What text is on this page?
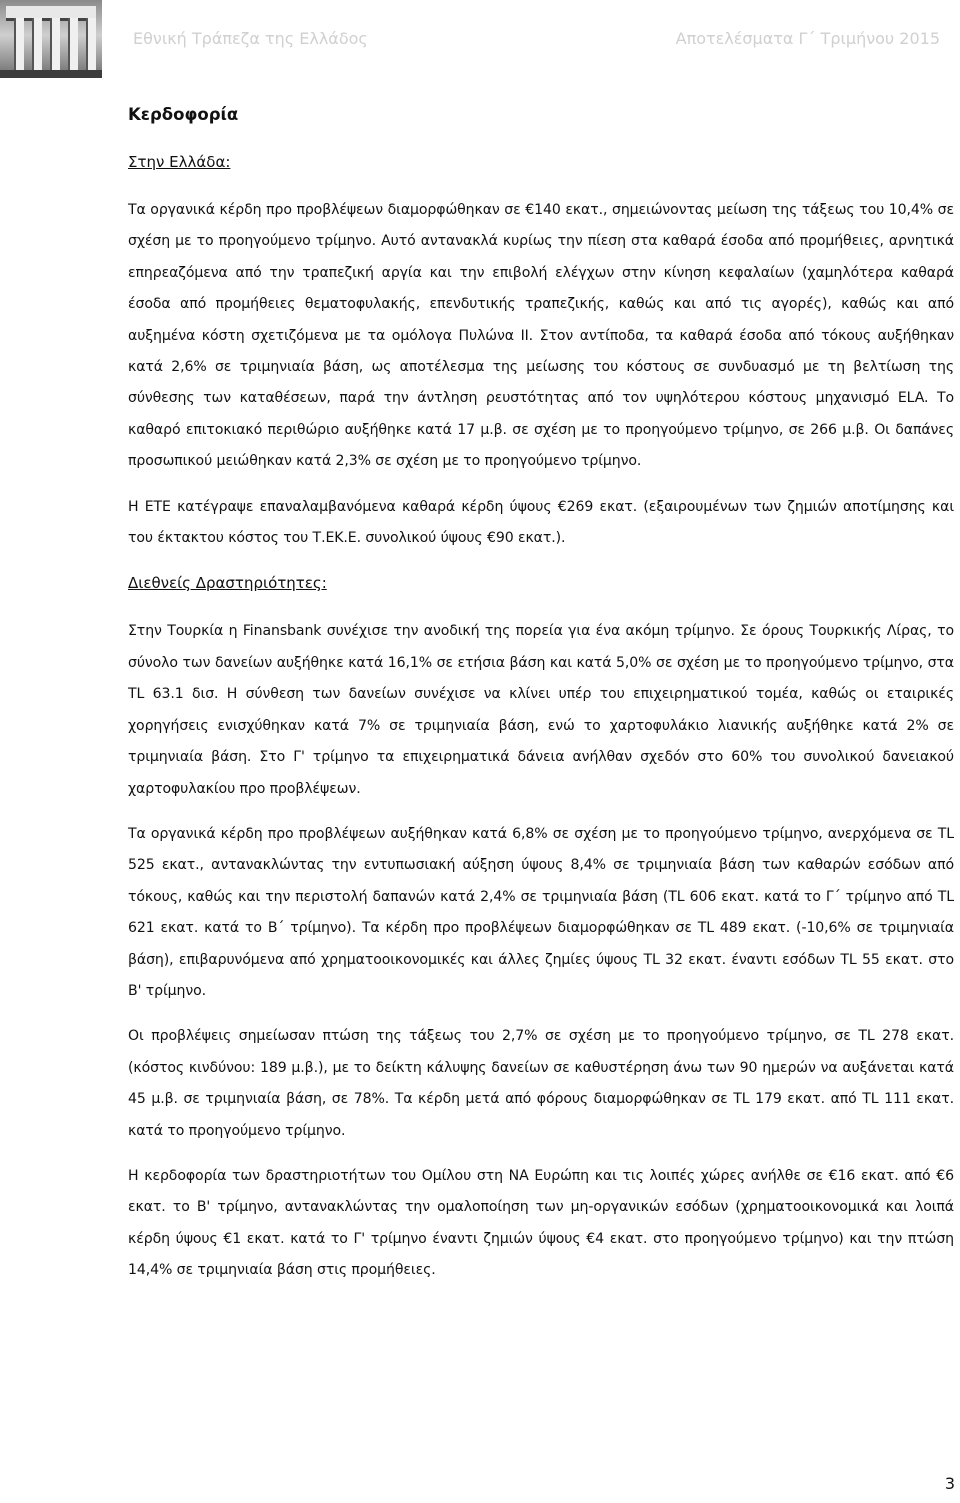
Εθνική Τράπεζα της Ελλάδος	Αποτελέσματα Γ΄ Τριμήνου 2015
Κερδοφορία
Στην Ελλάδα:

Τα οργανικά κέρδη προ προβλέψεων διαμορφώθηκαν σε €140 εκατ., σημειώνοντας μείωση της τάξεως του 10,4% σε σχέση με το προηγούμενο τρίμηνο. Αυτό αντανακλά κυρίως την πίεση στα καθαρά έσοδα από προμήθειες, αρνητικά επηρεαζόμενα από την τραπεζική αργία και την επιβολή ελέγχων στην κίνηση κεφαλαίων (χαμηλότερα καθαρά έσοδα από προμήθειες θεματοφυλακής, επενδυτικής τραπεζικής, καθώς και από τις αγορές), καθώς και από αυξημένα κόστη σχετιζόμενα με τα ομόλογα Πυλώνα ΙΙ. Στον αντίποδα, τα καθαρά έσοδα από τόκους αυξήθηκαν κατά 2,6% σε τριμηνιαία βάση, ως αποτέλεσμα της μείωσης του κόστους σε συνδυασμό με τη βελτίωση της σύνθεσης των καταθέσεων, παρά την άντληση ρευστότητας από τον υψηλότερου κόστους μηχανισμό ELA. Το καθαρό επιτοκιακό περιθώριο αυξήθηκε κατά 17 μ.β. σε σχέση με το προηγούμενο τρίμηνο, σε 266 μ.β. Οι δαπάνες προσωπικού μειώθηκαν κατά 2,3% σε σχέση με το προηγούμενο τρίμηνο.

Η ΕΤΕ κατέγραψε επαναλαμβανόμενα καθαρά κέρδη ύψους €269 εκατ. (εξαιρουμένων των ζημιών αποτίμησης και του έκτακτου κόστος του Τ.ΕΚ.Ε. συνολικού ύψους €90 εκατ.).

Διεθνείς Δραστηριότητες:

Στην Τουρκία η Finansbank συνέχισε την ανοδική της πορεία για ένα ακόμη τρίμηνο. Σε όρους Τουρκικής Λίρας, το σύνολο των δανείων αυξήθηκε κατά 16,1% σε ετήσια βάση και κατά 5,0% σε σχέση με το προηγούμενο τρίμηνο, στα TL 63.1 δισ. Η σύνθεση των δανείων συνέχισε να κλίνει υπέρ του επιχειρηματικού τομέα, καθώς οι εταιρικές χορηγήσεις ενισχύθηκαν κατά 7% σε τριμηνιαία βάση, ενώ το χαρτοφυλάκιο λιανικής αυξήθηκε κατά 2% σε τριμηνιαία βάση. Στο Γ' τρίμηνο τα επιχειρηματικά δάνεια ανήλθαν σχεδόν στο 60% του συνολικού δανειακού χαρτοφυλακίου προ προβλέψεων.

Τα οργανικά κέρδη προ προβλέψεων αυξήθηκαν κατά 6,8% σε σχέση με το προηγούμενο τρίμηνο, ανερχόμενα σε TL 525 εκατ., αντανακλώντας την εντυπωσιακή αύξηση ύψους 8,4% σε τριμηνιαία βάση των καθαρών εσόδων από τόκους, καθώς και την περιστολή δαπανών κατά 2,4% σε τριμηνιαία βάση (TL 606 εκατ. κατά το Γ΄ τρίμηνο από TL 621 εκατ. κατά το Β΄ τρίμηνο). Τα κέρδη προ προβλέψεων διαμορφώθηκαν σε TL 489 εκατ. (-10,6% σε τριμηνιαία βάση), επιβαρυνόμενα από χρηματοοικονομικές και άλλες ζημίες ύψους TL 32 εκατ. έναντι εσόδων TL 55 εκατ. στο Β' τρίμηνο.

Οι προβλέψεις σημείωσαν πτώση της τάξεως του 2,7% σε σχέση με το προηγούμενο τρίμηνο, σε TL 278 εκατ. (κόστος κινδύνου: 189 μ.β.), με το δείκτη κάλυψης δανείων σε καθυστέρηση άνω των 90 ημερών να αυξάνεται κατά 45 μ.β. σε τριμηνιαία βάση, σε 78%. Τα κέρδη μετά από φόρους διαμορφώθηκαν σε TL 179 εκατ. από TL 111 εκατ. κατά το προηγούμενο τρίμηνο.

Η κερδοφορία των δραστηριοτήτων του Ομίλου στη ΝΑ Ευρώπη και τις λοιπές χώρες ανήλθε σε €16 εκατ. από €6 εκατ. το Β' τρίμηνο, αντανακλώντας την ομαλοποίηση των μη-οργανικών εσόδων (χρηματοοικονομικά και λοιπά κέρδη ύψους €1 εκατ. κατά το Γ' τρίμηνο έναντι ζημιών ύψους €4 εκατ. στο προηγούμενο τρίμηνο) και την πτώση 14,4% σε τριμηνιαία βάση στις προμήθειες.

3
